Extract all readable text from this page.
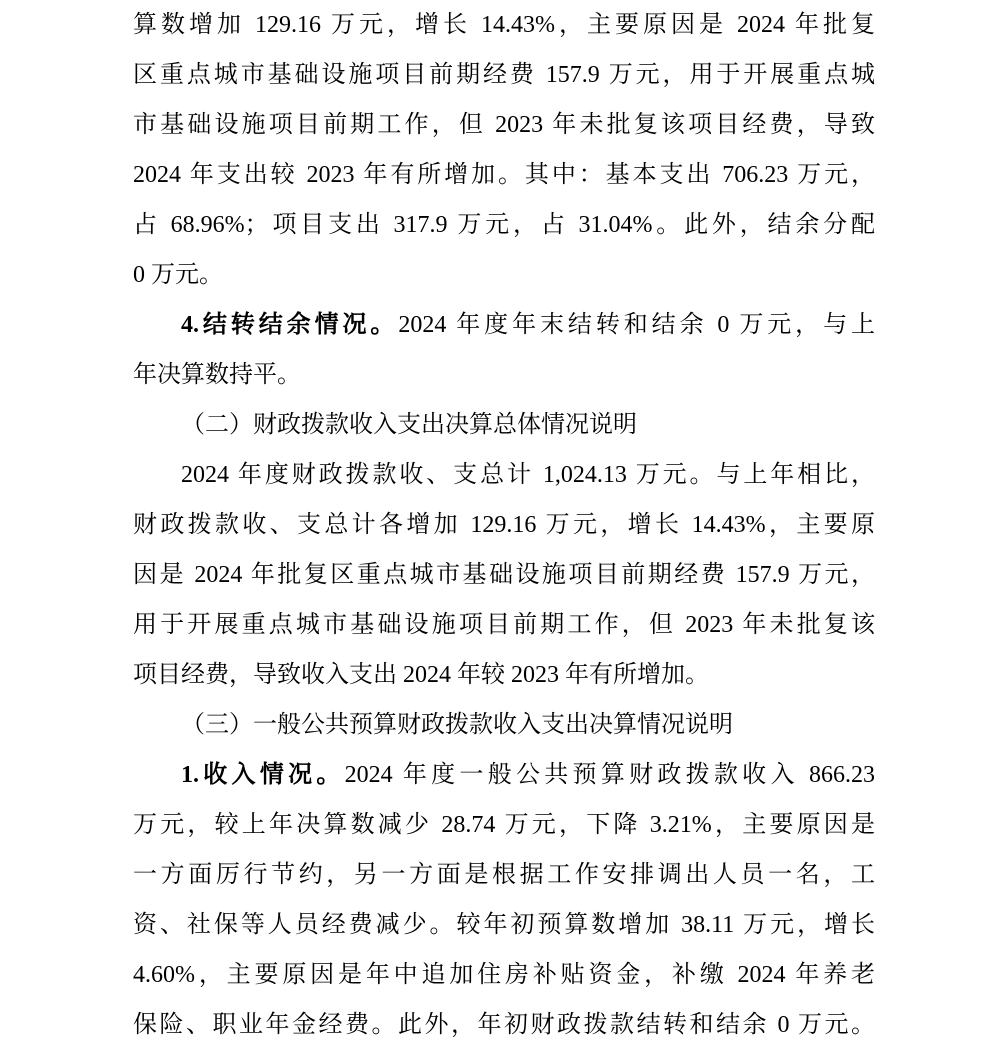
算数增加 129.16 万元，增长 14.43%，主要原因是 2024 年批复
区重点城市基础设施项目前期经费 157.9 万元，用于开展重点城
市基础设施项目前期工作，但 2023 年未批复该项目经费，导致
2024 年支出较 2023 年有所增加。其中：基本支出 706.23 万元，
占 68.96%；项目支出 317.9 万元，占 31.04%。此外，结余分配
0 万元。
4.结转结余情况。2024 年度年末结转和结余 0 万元，与上
年决算数持平。
（二）财政拨款收入支出决算总体情况说明
2024 年度财政拨款收、支总计 1,024.13 万元。与上年相比，
财政拨款收、支总计各增加 129.16 万元，增长 14.43%，主要原
因是 2024 年批复区重点城市基础设施项目前期经费 157.9 万元，
用于开展重点城市基础设施项目前期工作，但 2023 年未批复该
项目经费，导致收入支出 2024 年较 2023 年有所增加。
（三）一般公共预算财政拨款收入支出决算情况说明
1.收入情况。2024 年度一般公共预算财政拨款收入 866.23
万元，较上年决算数减少 28.74 万元，下降 3.21%，主要原因是
一方面厉行节约，另一方面是根据工作安排调出人员一名，工
资、社保等人员经费减少。较年初预算数增加 38.11 万元，增长
4.60%，主要原因是年中追加住房补贴资金，补缴 2024 年养老
保险、职业年金经费。此外，年初财政拨款结转和结余 0 万元。
